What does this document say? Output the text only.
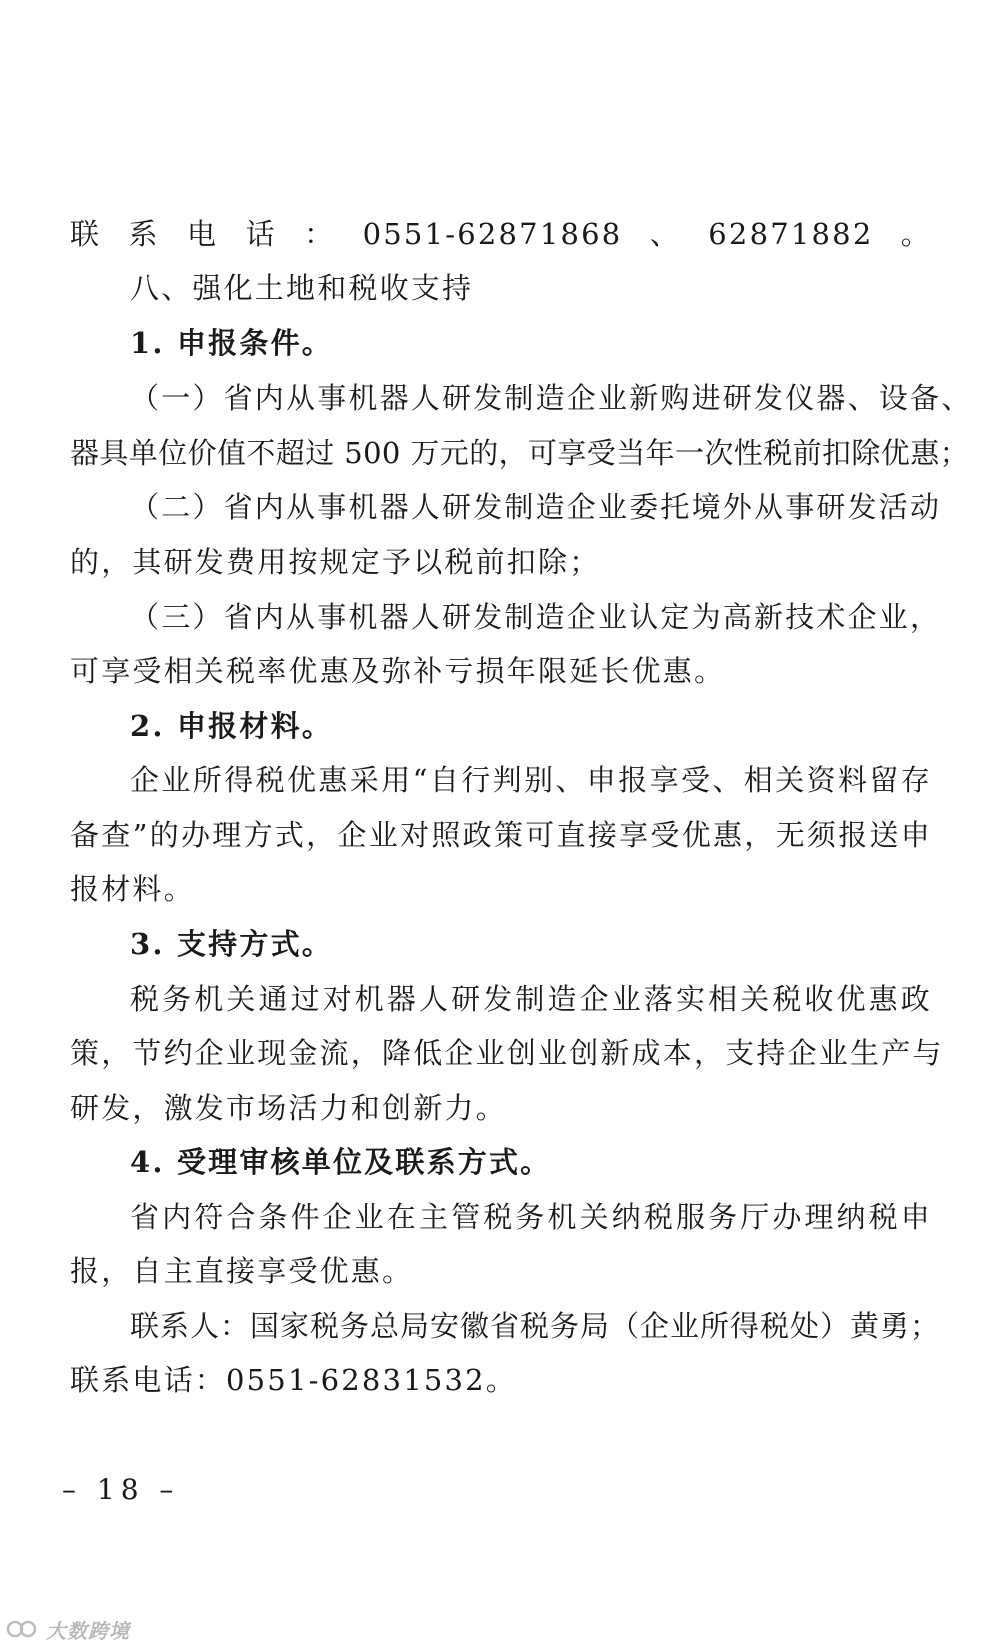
联系电话：0551-62871868、62871882。
八、强化土地和税收支持
1. 申报条件。
（一）省内从事机器人研发制造企业新购进研发仪器、设备、
器具单位价值不超过 500 万元的，可享受当年一次性税前扣除优惠；
（二）省内从事机器人研发制造企业委托境外从事研发活动
的，其研发费用按规定予以税前扣除；
（三）省内从事机器人研发制造企业认定为高新技术企业，
可享受相关税率优惠及弥补亏损年限延长优惠。
2. 申报材料。
企业所得税优惠采用“自行判别、申报享受、相关资料留存
备查”的办理方式，企业对照政策可直接享受优惠，无须报送申
报材料。
3. 支持方式。
税务机关通过对机器人研发制造企业落实相关税收优惠政
策，节约企业现金流，降低企业创业创新成本，支持企业生产与
研发，激发市场活力和创新力。
4. 受理审核单位及联系方式。
省内符合条件企业在主管税务机关纳税服务厅办理纳税申
报，自主直接享受优惠。
联系人：国家税务总局安徽省税务局（企业所得税处）黄勇；
联系电话：0551-62831532。
– 18 –
大数跨境
